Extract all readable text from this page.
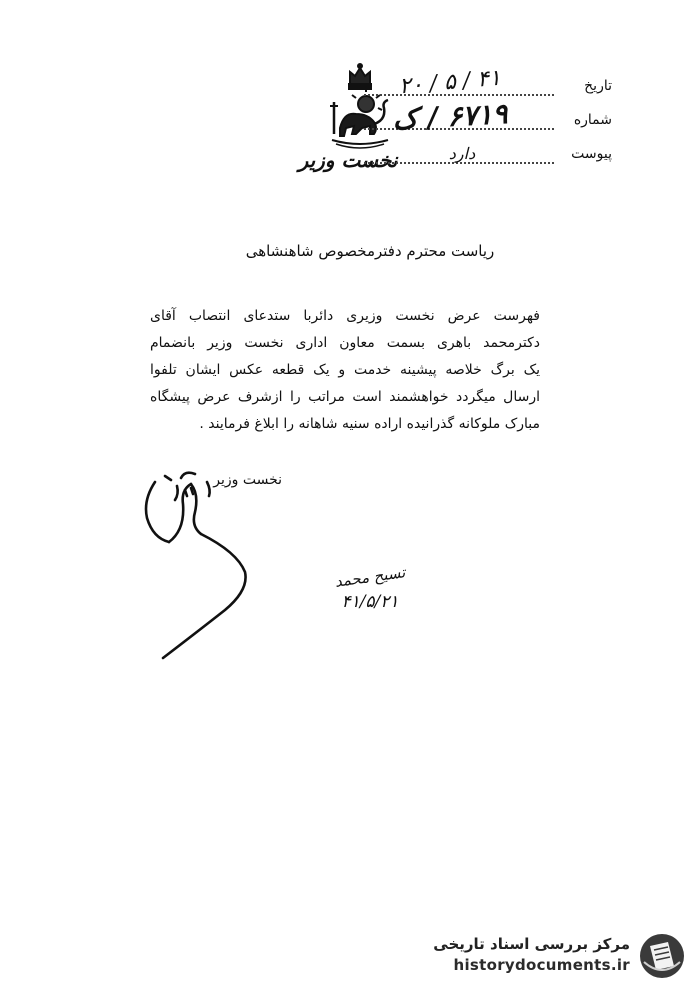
نخست وزیر
تاریخ
۴۱ / ۵ / ۲۰
شماره
۶۷۱۹ / ک
پیوست
دارد
ریاست محترم دفترمخصوص شاهنشاهی
فهرست عرض نخست وزیری دائربا ستدعای انتصاب آقای
دکترمحمد باهری بسمت معاون اداری نخست وزیر بانضمام
یک برگ خلاصه پیشینه خدمت و یک قطعه عکس ایشان تلفوا
ارسال میگردد خواهشمند است مراتب را ازشرف عرض پیشگاه
مبارک ملوکانه گذرانیده اراده سنیه شاهانه را ابلاغ فرمایند .
نخست وزیر
تسیح محمد
۴۱/۵/۲۱
مرکز بررسی اسناد تاریخی
historydocuments.ir
